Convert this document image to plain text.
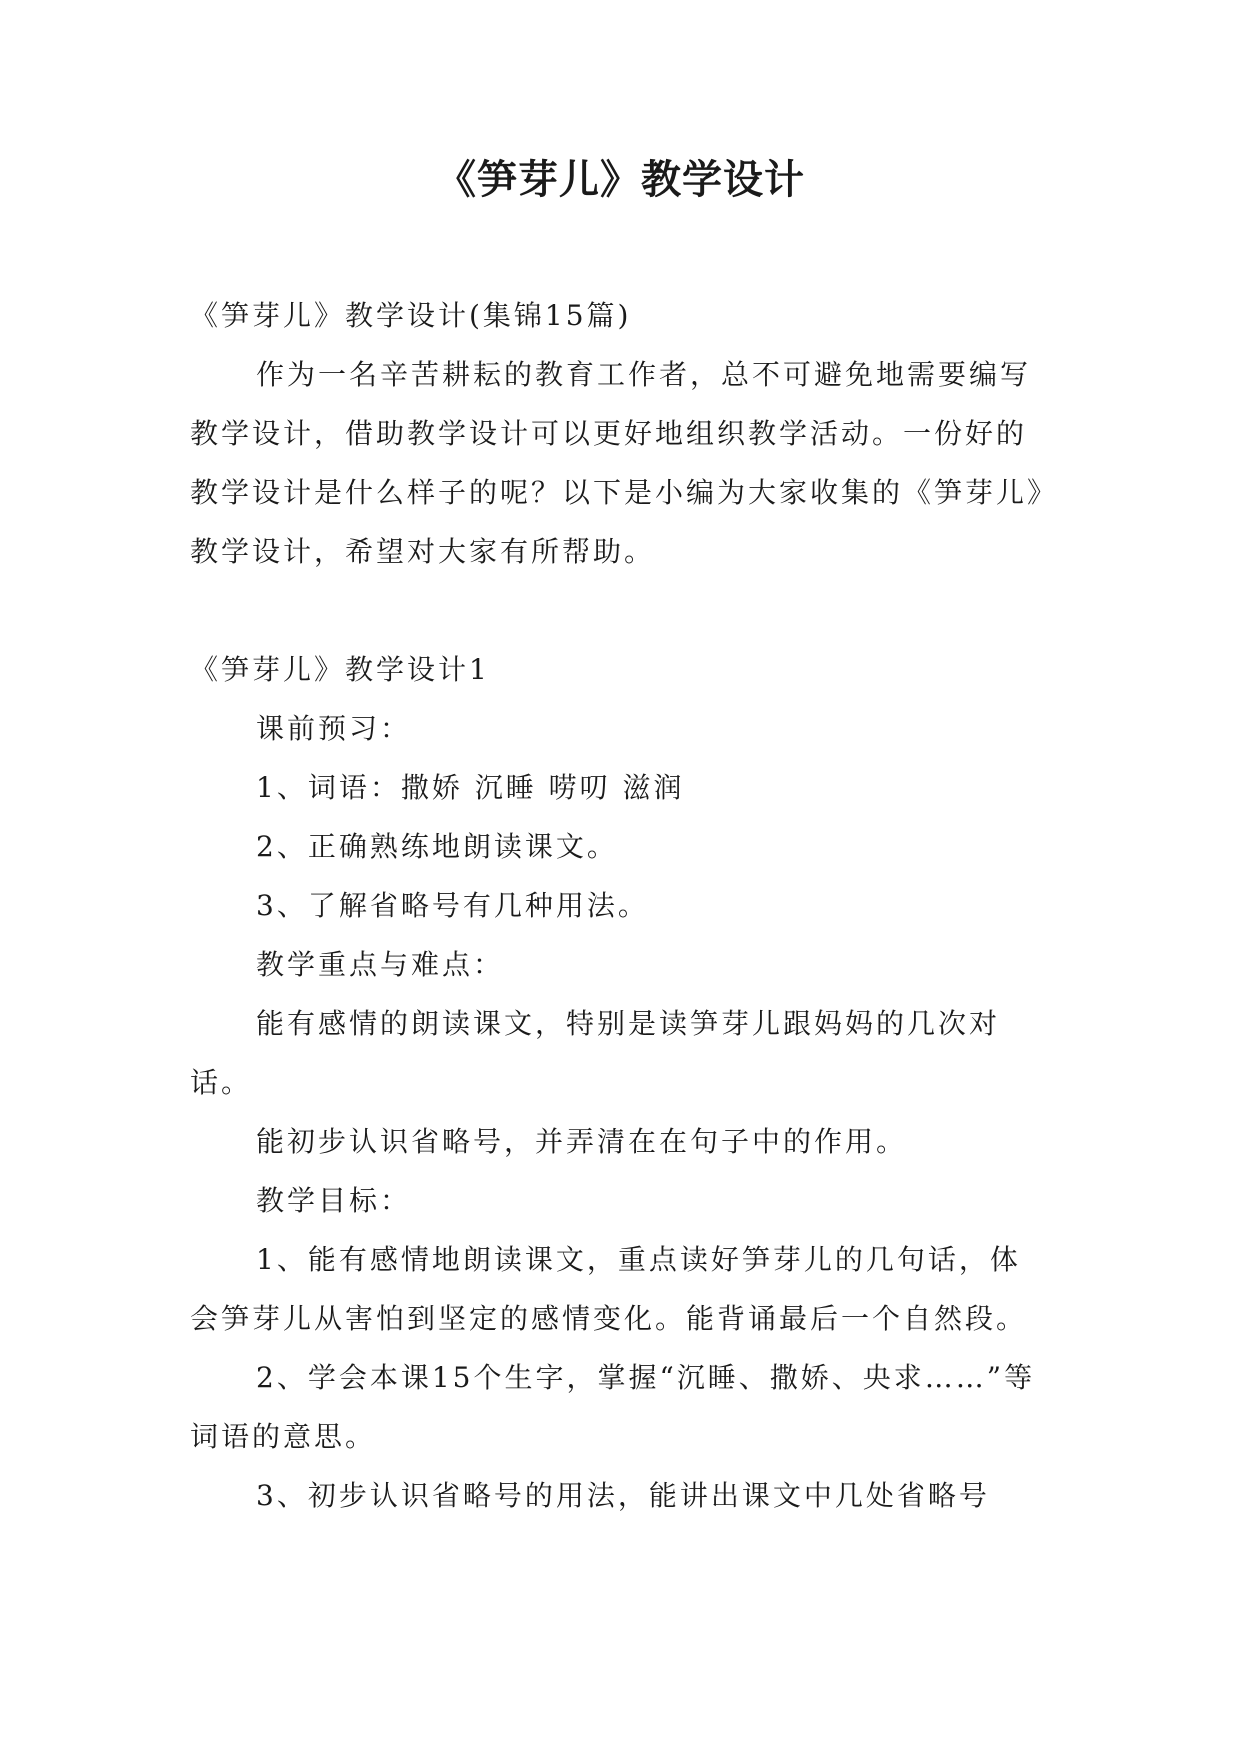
《笋芽儿》教学设计

《笋芽儿》教学设计(集锦15篇)

作为一名辛苦耕耘的教育工作者，总不可避免地需要编写教学设计，借助教学设计可以更好地组织教学活动。一份好的教学设计是什么样子的呢？以下是小编为大家收集的《笋芽儿》教学设计，希望对大家有所帮助。

《笋芽儿》教学设计1

课前预习：

1、词语：撒娇 沉睡 唠叨 滋润

2、正确熟练地朗读课文。

3、了解省略号有几种用法。

教学重点与难点：

能有感情的朗读课文，特别是读笋芽儿跟妈妈的几次对话。

能初步认识省略号，并弄清在在句子中的作用。

教学目标：

1、能有感情地朗读课文，重点读好笋芽儿的几句话，体会笋芽儿从害怕到坚定的感情变化。能背诵最后一个自然段。

2、学会本课15个生字，掌握“沉睡、撒娇、央求……”等词语的意思。

3、初步认识省略号的用法，能讲出课文中几处省略号
